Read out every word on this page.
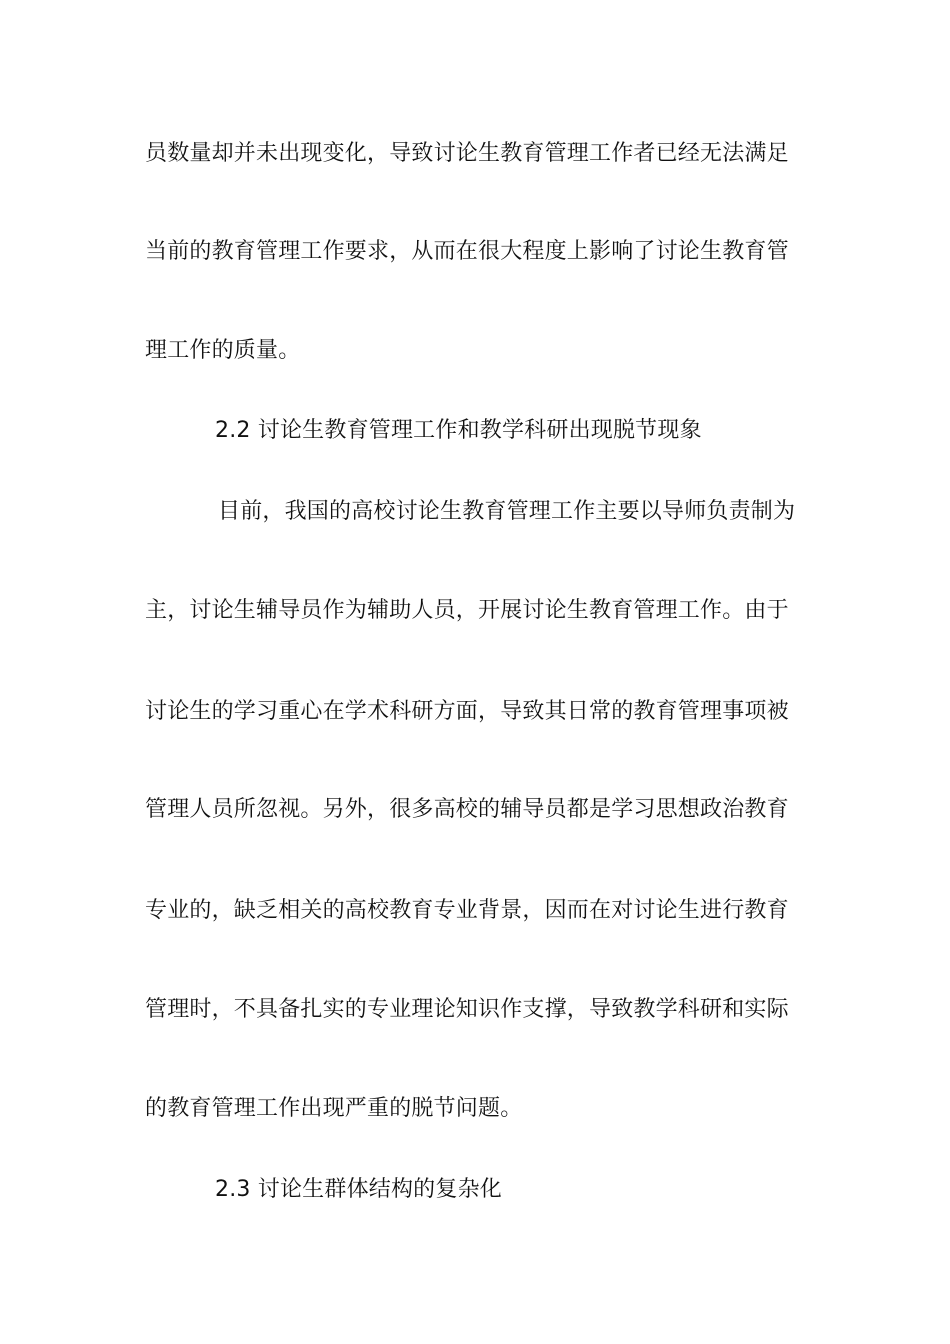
员数量却并未出现变化，导致讨论生教育管理工作者已经无法满足
当前的教育管理工作要求，从而在很大程度上影响了讨论生教育管
理工作的质量。
2.2 讨论生教育管理工作和教学科研出现脱节现象
目前，我国的高校讨论生教育管理工作主要以导师负责制为
主，讨论生辅导员作为辅助人员，开展讨论生教育管理工作。由于
讨论生的学习重心在学术科研方面，导致其日常的教育管理事项被
管理人员所忽视。另外，很多高校的辅导员都是学习思想政治教育
专业的，缺乏相关的高校教育专业背景，因而在对讨论生进行教育
管理时，不具备扎实的专业理论知识作支撑，导致教学科研和实际
的教育管理工作出现严重的脱节问题。
2.3 讨论生群体结构的复杂化
